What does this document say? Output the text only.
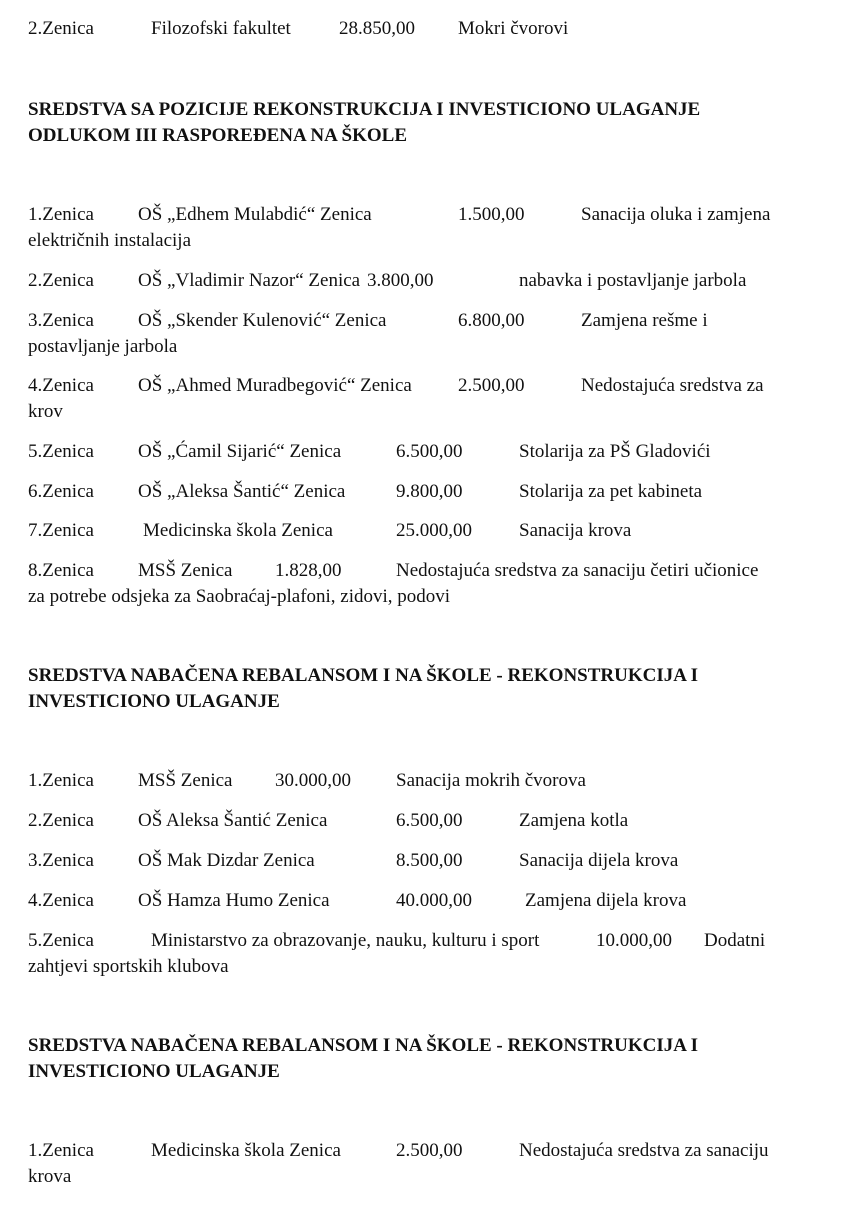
2.Zenica	Filozofski fakultet	28.850,00 Mokri čvorovi
SREDSTVA SA POZICIJE REKONSTRUKCIJA I INVESTICIONO ULAGANJE
ODLUKOM III RASPOREĐENA NA ŠKOLE
1.Zenica OŠ „Edhem Mulabdić“ Zenica	1.500,00	Sanacija oluka i zamjena
električnih instalacija
2.Zenica OŠ „Vladimir Nazor“ Zenica 3.800,00	nabavka i postavljanje jarbola
3.Zenica OŠ „Skender Kulenović“ Zenica	6.800,00	Zamjena rešme i
postavljanje jarbola
4.Zenica OŠ „Ahmed Muradbegović“ Zenica 2.500,00	Nedostajuća sredstva za
krov
5.Zenica OŠ „Ćamil Sijarić“ Zenica	6.500,00	Stolarija za PŠ Gladovići
6.Zenica OŠ „Aleksa Šantić“ Zenica	9.800,00	Stolarija za pet kabineta
7.Zenica	Medicinska škola Zenica	25.000,00 Sanacija krova
8.Zenica MSŠ Zenica 1.828,00	Nedostajuća sredstva za sanaciju četiri učionice
za potrebe odsjeka za Saobraćaj-plafoni, zidovi, podovi
SREDSTVA NABAČENA REBALANSOM I NA ŠKOLE - REKONSTRUKCIJA I
INVESTICIONO ULAGANJE
1.Zenica MSŠ Zenica 30.000,00 Sanacija mokrih čvorova
2.Zenica OŠ Aleksa Šantić Zenica	6.500,00	Zamjena kotla
3.Zenica OŠ Mak Dizdar Zenica	8.500,00	Sanacija dijela krova
4.Zenica OŠ Hamza Humo Zenica	40.000,00	Zamjena dijela krova
5.Zenica	Ministarstvo za obrazovanje, nauku, kulturu i sport	10.000,00 Dodatni
zahtjevi sportskih klubova
SREDSTVA NABAČENA REBALANSOM I NA ŠKOLE - REKONSTRUKCIJA I
INVESTICIONO ULAGANJE
1.Zenica	Medicinska škola Zenica	2.500,00	Nedostajuća sredstva za sanaciju
krova
